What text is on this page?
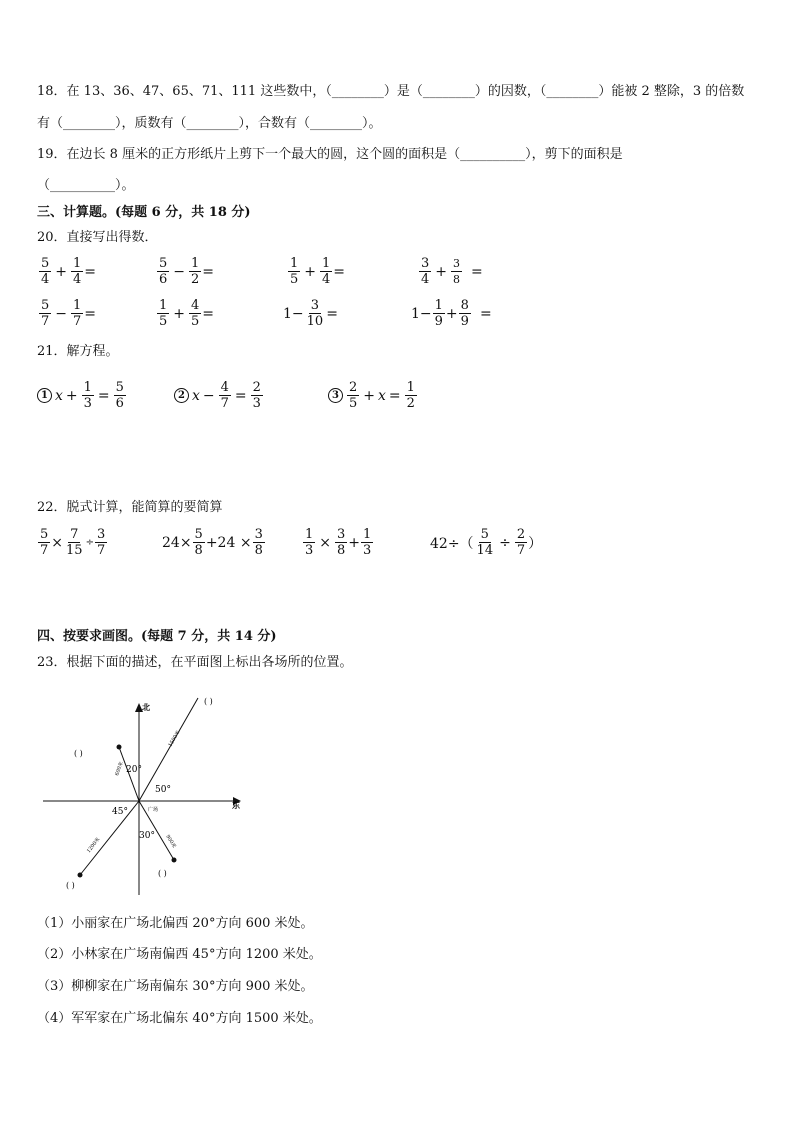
18．在 13、36、47、65、71、111 这些数中，（________）是（________）的因数，（________）能被 2 整除，3 的倍数
有（________），质数有（________），合数有（________）。
19．在边长 8 厘米的正方形纸片上剪下一个最大的圆，这个圆的面积是（__________），剪下的面积是
（__________）。
三、计算题。(每题 6 分，共 18 分)
20．直接写出得数．
$\frac{5}{4} + \frac{1}{4}$ =	$\frac{5}{6} - \frac{1}{2}$ =	$\frac{1}{5} + \frac{1}{4}$ =	$\frac{3}{4} + \frac{3}{8}$ =
$\frac{5}{7} - \frac{1}{7}$ =	$\frac{1}{5} + \frac{4}{5}$ =	$1- \frac{3}{10}$ =	$1- \frac{1}{9} + \frac{8}{9}$ =
21．解方程。
1 $x + \frac{1}{3} = \frac{5}{6}$	2 $x - \frac{4}{7} = \frac{2}{3}$	$3 \frac{2}{5} + x = \frac{1}{2}$
22．脱式计算，能简算的要简算
$\frac{5}{7} \times \frac{7}{15} \div \frac{3}{7}$	$24\times \frac{5}{8} +24 \times \frac{3}{8}$	$\frac{1}{3} \times \frac{3}{8} + \frac{1}{3}$	$42\div( \frac{5}{14} \div \frac{2}{7}$ ）
四、按要求画图。(每题 7 分，共 14 分)
23．根据下面的描述，在平面图上标出各场所的位置。
北
东
20°
50°
45°
30°
广场
600米
1500米
1200米	900米
( )
( )
( )
( )
（1）小丽家在广场北偏西 20°方向 600 米处。
（2）小林家在广场南偏西 45°方向 1200 米处。
（3）柳柳家在广场南偏东 30°方向 900 米处。
（4）军军家在广场北偏东 40°方向 1500 米处。
